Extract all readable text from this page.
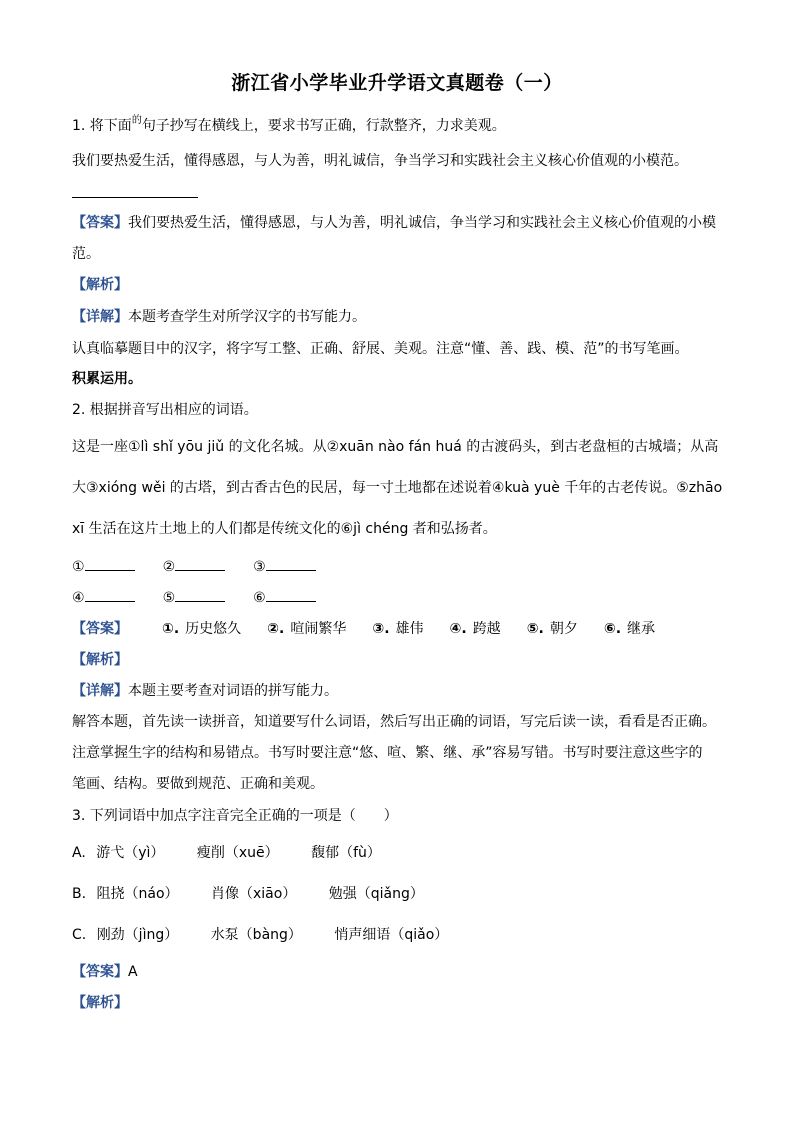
浙江省小学毕业升学语文真题卷（一）
1. 将下面$^的$句子抄写在横线上，要求书写正确，行款整齐，力求美观。
我们要热爱生活，懂得感恩，与人为善，明礼诚信，争当学习和实践社会主义核心价值观的小模范。
【答案】我们要热爱生活，懂得感恩，与人为善，明礼诚信，争当学习和实践社会主义核心价值观的小模
范。
【解析】
【详解】本题考查学生对所学汉字的书写能力。
认真临摹题目中的汉字，将字写工整、正确、舒展、美观。注意“懂、善、践、模、范”的书写笔画。
积累运用。
2. 根据拼音写出相应的词语。
这是一座①lì shǐ yōu jiǔ 的文化名城。从②xuān nào fán huá 的古渡码头，到古老盘桓的古城墙；从高
大③xióng wěi 的古塔，到古香古色的民居，每一寸土地都在述说着④kuà yuè 千年的古老传说。⑤zhāo
xī 生活在这片土地上的人们都是传统文化的⑥jì chéng 者和弘扬者。
①	②	③
④	⑤	⑥
【答案】 ①. 历史悠久 ②. 喧闹繁华 ③. 雄伟 ④. 跨越 ⑤. 朝夕 ⑥. 继承
【解析】
【详解】本题主要考查对词语的拼写能力。
解答本题，首先读一读拼音，知道要写什么词语，然后写出正确的词语，写完后读一读，看看是否正确。
注意掌握生字的结构和易错点。书写时要注意“悠、喧、繁、继、承”容易写错。书写时要注意这些字的
笔画、结构。要做到规范、正确和美观。
3. 下列词语中加点字注音完全正确的一项是（　　）
A. 游弋（yì） 瘦削（xuē） 馥郁（fù）
B. 阻挠（náo） 肖像（xiāo） 勉强（qiǎng）
C. 刚劲（jìng） 水泵（bàng） 悄声细语（qiǎo）
【答案】A
【解析】
